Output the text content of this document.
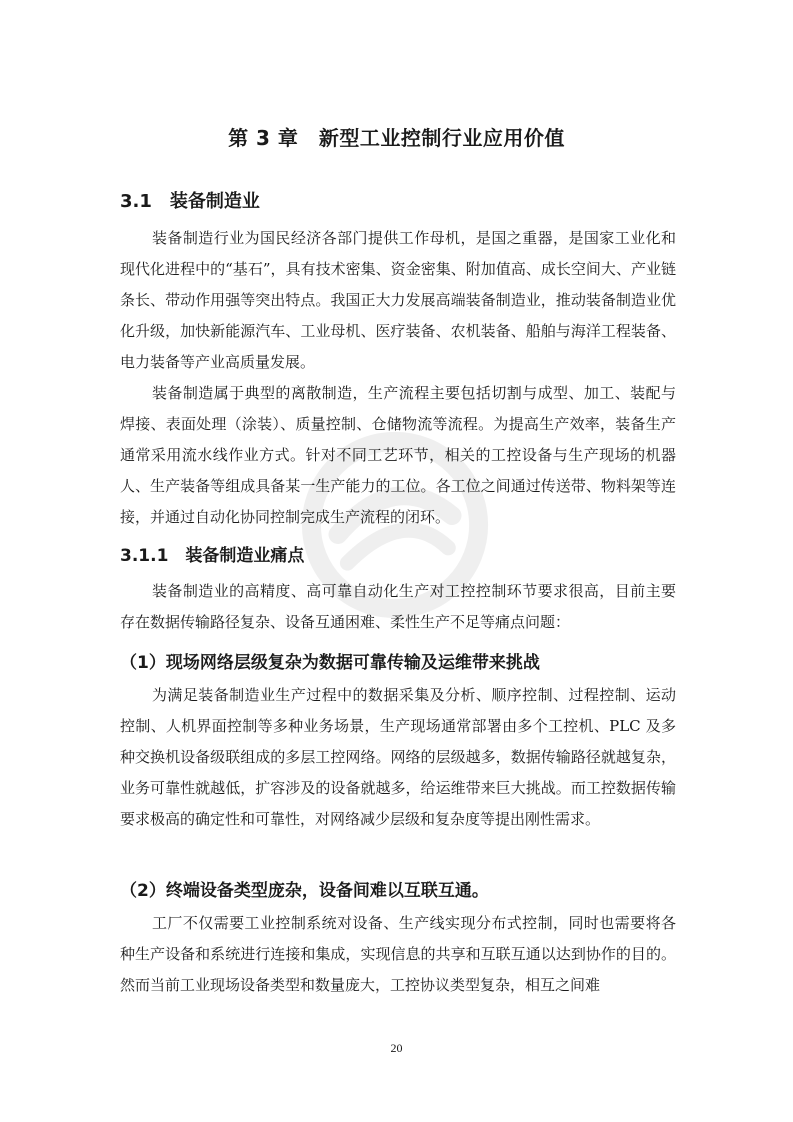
第 3 章　新型工业控制行业应用价值
3.1　装备制造业

装备制造行业为国民经济各部门提供工作母机，是国之重器，是国家工业化和现代化进程中的“基石”，具有技术密集、资金密集、附加值高、成长空间大、产业链条长、带动作用强等突出特点。我国正大力发展高端装备制造业，推动装备制造业优化升级，加快新能源汽车、工业母机、医疗装备、农机装备、船舶与海洋工程装备、电力装备等产业高质量发展。

装备制造属于典型的离散制造，生产流程主要包括切割与成型、加工、装配与焊接、表面处理（涂装）、质量控制、仓储物流等流程。为提高生产效率，装备生产通常采用流水线作业方式。针对不同工艺环节，相关的工控设备与生产现场的机器人、生产装备等组成具备某一生产能力的工位。各工位之间通过传送带、物料架等连接，并通过自动化协同控制完成生产流程的闭环。

3.1.1　装备制造业痛点

装备制造业的高精度、高可靠自动化生产对工控控制环节要求很高，目前主要存在数据传输路径复杂、设备互通困难、柔性生产不足等痛点问题：

（1）现场网络层级复杂为数据可靠传输及运维带来挑战

为满足装备制造业生产过程中的数据采集及分析、顺序控制、过程控制、运动控制、人机界面控制等多种业务场景，生产现场通常部署由多个工控机、PLC 及多种交换机设备级联组成的多层工控网络。网络的层级越多，数据传输路径就越复杂，业务可靠性就越低，扩容涉及的设备就越多，给运维带来巨大挑战。而工控数据传输要求极高的确定性和可靠性，对网络减少层级和复杂度等提出刚性需求。

（2）终端设备类型庞杂，设备间难以互联互通。

工厂不仅需要工业控制系统对设备、生产线实现分布式控制，同时也需要将各种生产设备和系统进行连接和集成，实现信息的共享和互联互通以达到协作的目的。然而当前工业现场设备类型和数量庞大，工控协议类型复杂，相互之间难

20
